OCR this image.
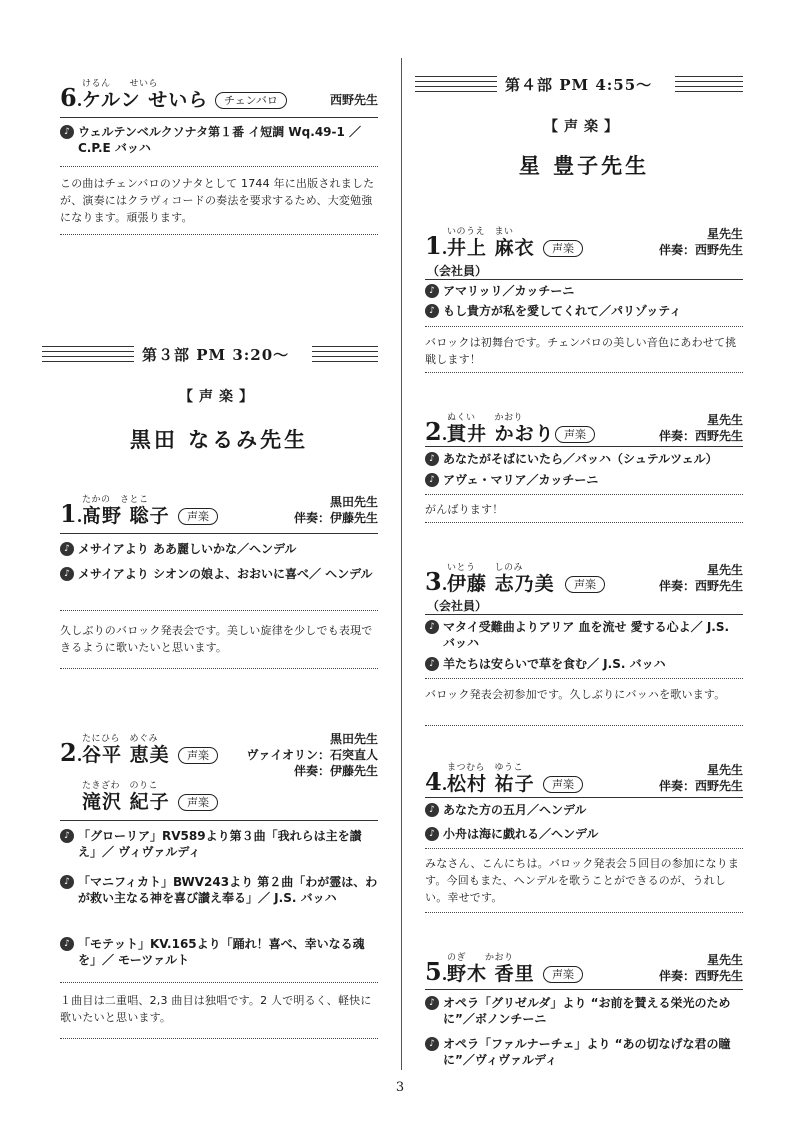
6.
けるん　　せいら
ケルン せいら	チェンバロ	西野先生
♪ ウェルテンベルクソナタ第１番 イ短調 Wq.49-1 ／ C.P.E バッハ
この曲はチェンバロのソナタとして 1744 年に出版されましたが、演奏にはクラヴィコードの奏法を要求するため、大変勉強になります。頑張ります。
第３部 PM 3:20～
【声楽】
黒田 なるみ先生
1.
たかの　さとこ
髙野 聡子	声楽
黒田先生
伴奏：伊藤先生
♪ メサイアより ああ麗しいかな／ヘンデル
♪ メサイアより シオンの娘よ、おおいに喜べ／ ヘンデル
久しぶりのバロック発表会です。美しい旋律を少しでも表現できるように歌いたいと思います。
2.
たにひら　めぐみ
谷平 恵美	声楽
黒田先生
ヴァイオリン：石突直人
伴奏：伊藤先生
たきざわ　のりこ
滝沢 紀子	声楽
♪ 「グローリア」RV589より第３曲「我れらは主を讃え」／ ヴィヴァルディ
♪ 「マニフィカト」BWV243より 第２曲「わが霊は、わが救い主なる神を喜び讃え奉る」／ J.S. バッハ
♪ 「モテット」KV.165より「踊れ！喜べ、幸いなる魂を」／ モーツァルト
１曲目は二重唱、2,3 曲目は独唱です。2 人で明るく、軽快に歌いたいと思います。
第４部 PM 4:55～
【声楽】
星 豊子先生
1.
いのうえ　まい
井上 麻衣	声楽
星先生
伴奏：西野先生
（会社員）
♪ アマリッリ／カッチーニ
♪ もし貴方が私を愛してくれて／パリゾッティ
バロックは初舞台です。チェンバロの美しい音色にあわせて挑戦します！
2.
ぬくい　　かおり
貫井 かおり 声楽
星先生
伴奏：西野先生
♪ あなたがそばにいたら／バッハ（シュテルツェル）
♪ アヴェ・マリア／カッチーニ
がんばります！
3.
いとう　　しのみ
伊藤 志乃美	声楽
星先生
伴奏：西野先生
（会社員）
♪ マタイ受難曲よりアリア 血を流せ 愛する心よ／ J.S. バッハ
♪ 羊たちは安らいで草を食む／ J.S. バッハ
バロック発表会初参加です。久しぶりにバッハを歌います。
4.
まつむら　ゆうこ
松村 祐子	声楽
星先生
伴奏：西野先生
♪ あなた方の五月／ヘンデル
♪ 小舟は海に戯れる／ヘンデル
みなさん、こんにちは。バロック発表会５回目の参加になります。今回もまた、ヘンデルを歌うことができるのが、うれしい。幸せです。
5.
のぎ　　かおり
野木 香里	声楽
星先生
伴奏：西野先生
♪ オペラ「グリゼルダ」より “お前を賛える栄光のために”／ボノンチーニ
♪ オペラ「ファルナーチェ」より “あの切なげな君の瞳に”／ヴィヴァルディ
3
